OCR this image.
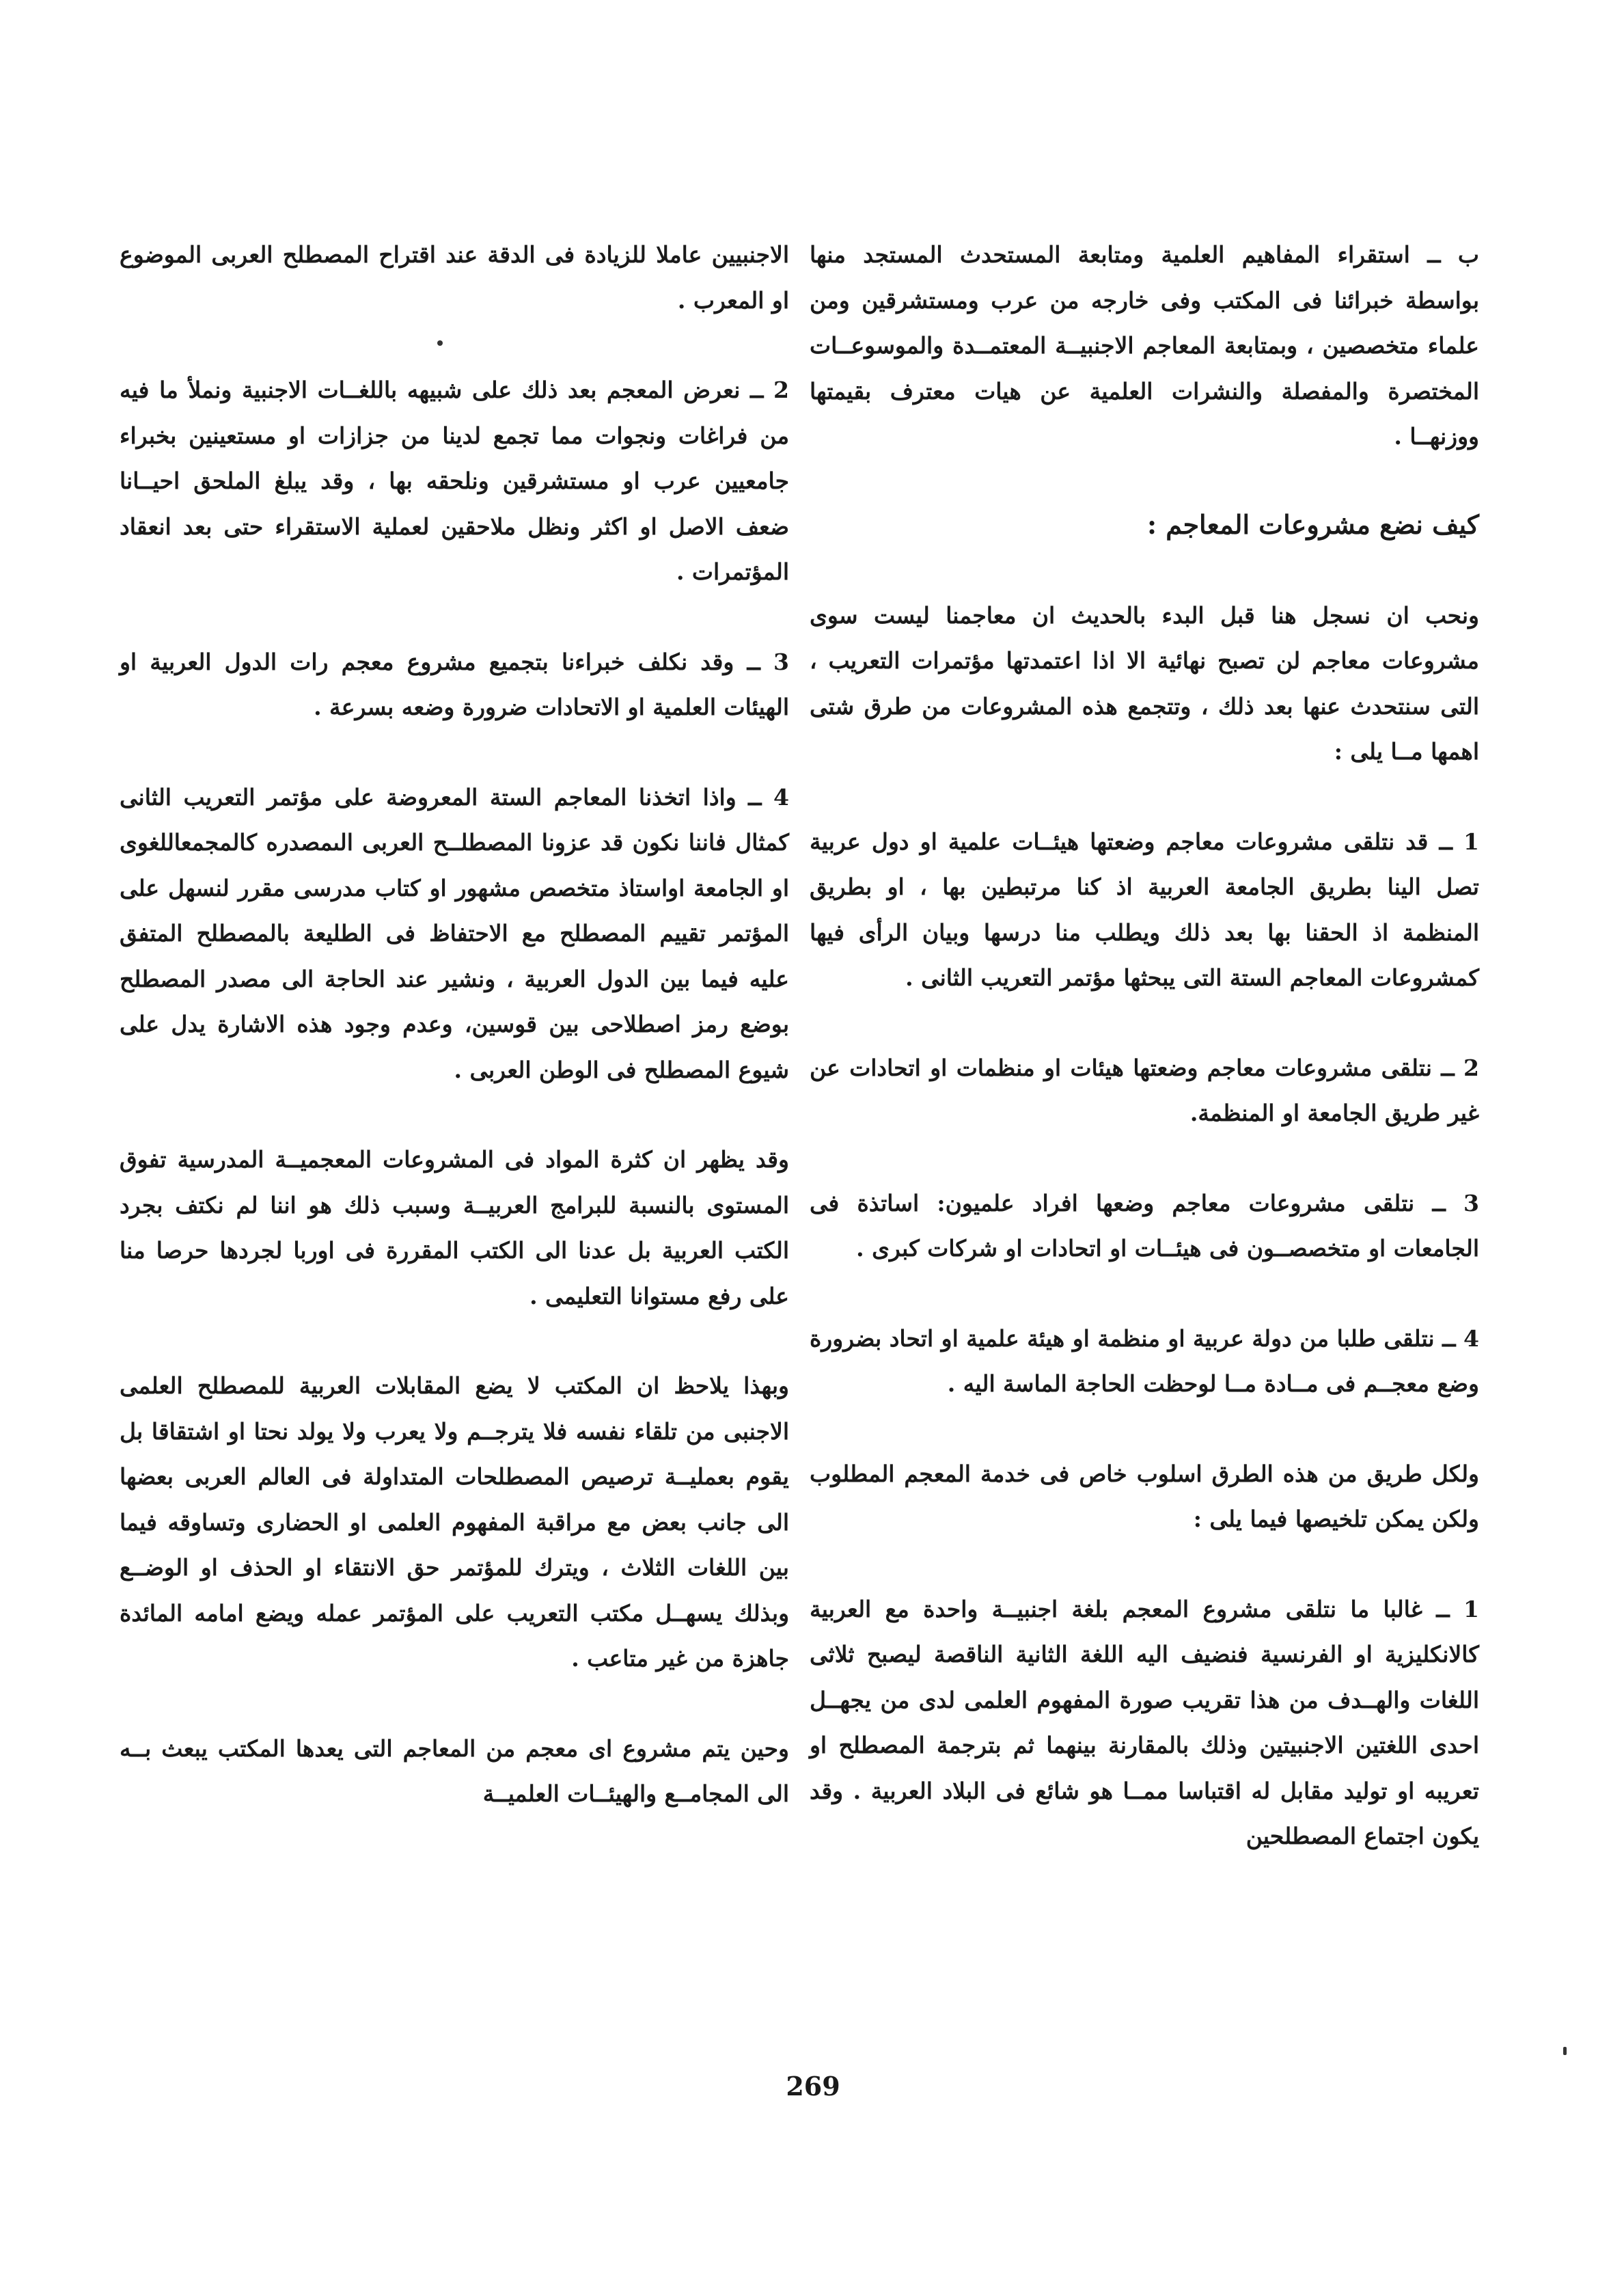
ب ــ استقراء المفاهيم العلمية ومتابعة المستحدث المستجد منها بواسطة خبرائنا فى المكتب وفى خارجه من عرب ومستشرقين ومن علماء متخصصين ، وبمتابعة المعاجم الاجنبيــة المعتمــدة والموسوعــات المختصرة والمفصلة والنشرات العلمية عن هيات معترف بقيمتها ووزنهــا .

كيف نضع مشروعات المعاجم :

ونحب ان نسجل هنا قبل البدء بالحديث ان معاجمنا ليست سوى مشروعات معاجم لن تصبح نهائية الا اذا اعتمدتها مؤتمرات التعريب ، التى سنتحدث عنها بعد ذلك ، وتتجمع هذه المشروعات من طرق شتى اهمها مــا يلى :

1 ــ قد نتلقى مشروعات معاجم وضعتها هيئــات علمية او دول عربية تصل الينا بطريق الجامعة العربية اذ كنا مرتبطين بها ، او بطريق المنظمة اذ الحقنا بها بعد ذلك ويطلب منا درسها وبيان الرأى فيها كمشروعات المعاجم الستة التى يبحثها مؤتمر التعريب الثانى .

2 ــ نتلقى مشروعات معاجم وضعتها هيئات او منظمات او اتحادات عن غير طريق الجامعة او المنظمة.

3 ــ نتلقى مشروعات معاجم وضعها افراد علميون: اساتذة فى الجامعات او متخصصــون فى هيئــات او اتحادات او شركات كبرى .

4 ــ نتلقى طلبا من دولة عربية او منظمة او هيئة علمية او اتحاد بضرورة وضع معجــم فى مــادة مــا لوحظت الحاجة الماسة اليه .

ولكل طريق من هذه الطرق اسلوب خاص فى خدمة المعجم المطلوب ولكن يمكن تلخيصها فيما يلى :

1 ــ غالبا ما نتلقى مشروع المعجم بلغة اجنبيــة واحدة مع العربية كالانكليزية او الفرنسية فنضيف اليه اللغة الثانية الناقصة ليصبح ثلاثى اللغات والهــدف من هذا تقريب صورة المفهوم العلمى لدى من يجهــل احدى اللغتين الاجنبيتين وذلك بالمقارنة بينهما ثم بترجمة المصطلح او تعريبه او توليد مقابل له اقتباسا ممــا هو شائع فى البلاد العربية . وقد يكون اجتماع المصطلحين

الاجنبيين عاملا للزيادة فى الدقة عند اقتراح المصطلح العربى الموضوع او المعرب .

2 ــ نعرض المعجم بعد ذلك على شبيهه باللغــات الاجنبية ونملأ ما فيه من فراغات ونجوات مما تجمع لدينا من جزازات او مستعينين بخبراء جامعيين عرب او مستشرقين ونلحقه بها ، وقد يبلغ الملحق احيــانا ضعف الاصل او اكثر ونظل ملاحقين لعملية الاستقراء حتى بعد انعقاد المؤتمرات .

3 ــ وقد نكلف خبراءنا بتجميع مشروع معجم رات الدول العربية او الهيئات العلمية او الاتحادات ضرورة وضعه بسرعة .

4 ــ واذا اتخذنا المعاجم الستة المعروضة على مؤتمر التعريب الثانى كمثال فاننا نكون قد عزونا المصطلــح العربى الىمصدره كالمجمعاللغوى او الجامعة اواستاذ متخصص مشهور او كتاب مدرسى مقرر لنسهل على المؤتمر تقييم المصطلح مع الاحتفاظ فى الطليعة بالمصطلح المتفق عليه فيما بين الدول العربية ، ونشير عند الحاجة الى مصدر المصطلح بوضع رمز اصطلاحى بين قوسين، وعدم وجود هذه الاشارة يدل على شيوع المصطلح فى الوطن العربى .

وقد يظهر ان كثرة المواد فى المشروعات المعجميــة المدرسية تفوق المستوى بالنسبة للبرامج العربيــة وسبب ذلك هو اننا لم نكتف بجرد الكتب العربية بل عدنا الى الكتب المقررة فى اوربا لجردها حرصا منا على رفع مستوانا التعليمى .

وبهذا يلاحظ ان المكتب لا يضع المقابلات العربية للمصطلح العلمى الاجنبى من تلقاء نفسه فلا يترجــم ولا يعرب ولا يولد نحتا او اشتقاقا بل يقوم بعمليــة ترصيص المصطلحات المتداولة فى العالم العربى بعضها الى جانب بعض مع مراقبة المفهوم العلمى او الحضارى وتساوقه فيما بين اللغات الثلاث ، ويترك للمؤتمر حق الانتقاء او الحذف او الوضــع وبذلك يسهــل مكتب التعريب على المؤتمر عمله ويضع امامه المائدة جاهزة من غير متاعب .

وحين يتم مشروع اى معجم من المعاجم التى يعدها المكتب يبعث بــه الى المجامــع والهيئــات العلميــة

269
